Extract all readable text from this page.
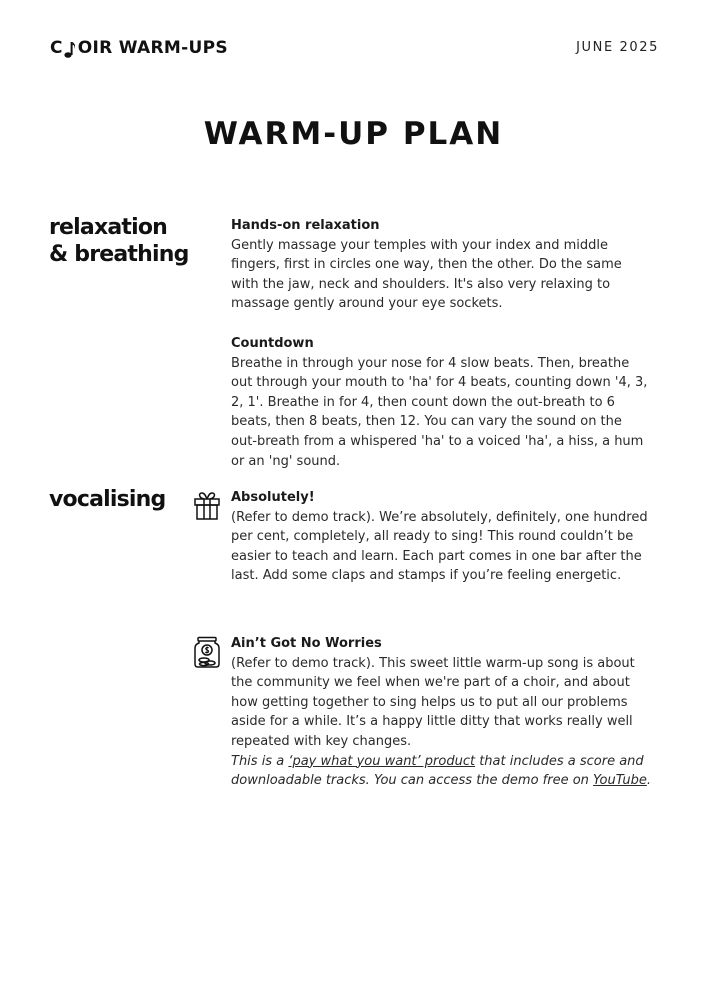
C OIR WARM-UPS	JUNE 2025
WARM-UP PLAN
relaxation
& breathing
Hands-on relaxation

Gently massage your temples with your index and middle fingers, first in circles one way, then the other. Do the same with the jaw, neck and shoulders. It's also very relaxing to massage gently around your eye sockets.

Countdown

Breathe in through your nose for 4 slow beats. Then, breathe out through your mouth to 'ha' for 4 beats, counting down '4, 3, 2, 1'. Breathe in for 4, then count down the out-breath to 6 beats, then 8 beats, then 12. You can vary the sound on the out-breath from a whispered 'ha' to a voiced 'ha', a hiss, a hum or an 'ng' sound.

vocalising	Absolutely!

(Refer to demo track). We’re absolutely, definitely, one hundred per cent, completely, all ready to sing! This round couldn’t be easier to teach and learn. Each part comes in one bar after the last. Add some claps and stamps if you’re feeling energetic.

Ain’t Got No Worries

(Refer to demo track). This sweet little warm-up song is about the community we feel when we're part of a choir, and about how getting together to sing helps us to put all our problems aside for a while. It’s a happy little ditty that works really well repeated with key changes.

This is a ‘pay what you want’ product that includes a score and downloadable tracks. You can access the demo free on YouTube.
